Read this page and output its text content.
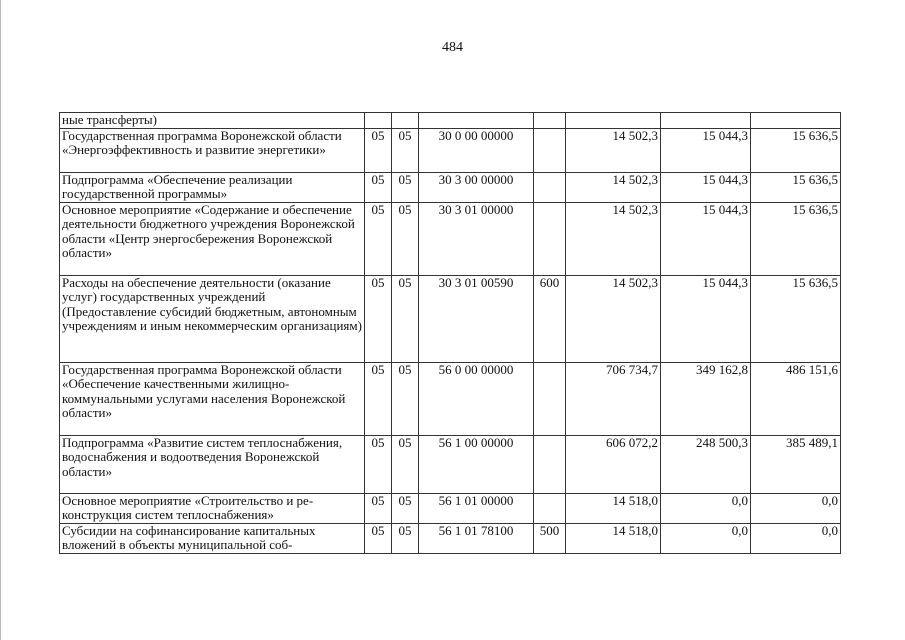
484
ные трансферты)							
Государственная программа Воронежской области «Энергоэффективность и развитие энергетики»	05	05	30 0 00 00000		14 502,3	15 044,3	15 636,5
Подпрограмма «Обеспечение реализации государственной программы»	05	05	30 3 00 00000		14 502,3	15 044,3	15 636,5
Основное мероприятие «Содержание и обеспечение деятельности бюджетного учреждения Воронежской области «Центр энергосбережения Воронежской области»	05	05	30 3 01 00000		14 502,3	15 044,3	15 636,5
Расходы на обеспечение деятельности (оказание услуг) государственных учреждений (Предоставление субсидий бюджетным, автономным учреждениям и иным некоммерческим организациям)	05	05	30 3 01 00590	600	14 502,3	15 044,3	15 636,5
Государственная программа Воронежской области «Обеспечение качественными жилищно-коммунальными услугами населения Воронежской области»	05	05	56 0 00 00000		706 734,7	349 162,8	486 151,6
Подпрограмма «Развитие систем теплоснабжения, водоснабжения и водоотведения Воронежской области»	05	05	56 1 00 00000		606 072,2	248 500,3	385 489,1
Основное мероприятие «Строительство и реконструкция систем теплоснабжения»	05	05	56 1 01 00000		14 518,0	0,0	0,0
Субсидии на софинансирование капитальных вложений в объекты муниципальной соб-	05	05	56 1 01 78100	500	14 518,0	0,0	0,0
